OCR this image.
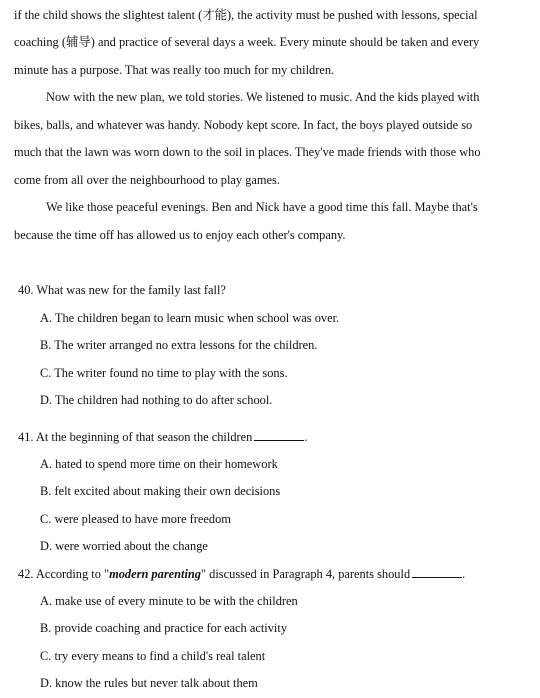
if the child shows the slightest talent (才能), the activity must be pushed with lessons, special
coaching (辅导) and practice of several days a week. Every minute should be taken and every
minute has a purpose. That was really too much for my children.
Now with the new plan, we told stories. We listened to music. And the kids played with
bikes, balls, and whatever was handy. Nobody kept score. In fact, the boys played outside so
much that the lawn was worn down to the soil in places. They've made friends with those who
come from all over the neighbourhood to play games.
We like those peaceful evenings. Ben and Nick have a good time this fall. Maybe that's
because the time off has allowed us to enjoy each other's company.
40. What was new for the family last fall?
A. The children began to learn music when school was over.
B. The writer arranged no extra lessons for the children.
C. The writer found no time to play with the sons.
D. The children had nothing to do after school.
41. At the beginning of that season the children	.
A. hated to spend more time on their homework
B. felt excited about making their own decisions
C. were pleased to have more freedom
D. were worried about the change
42. According to "modern parenting" discussed in Paragraph 4, parents should	.
A. make use of every minute to be with the children
B. provide coaching and practice for each activity
C. try every means to find a child's real talent
D. know the rules but never talk about them
